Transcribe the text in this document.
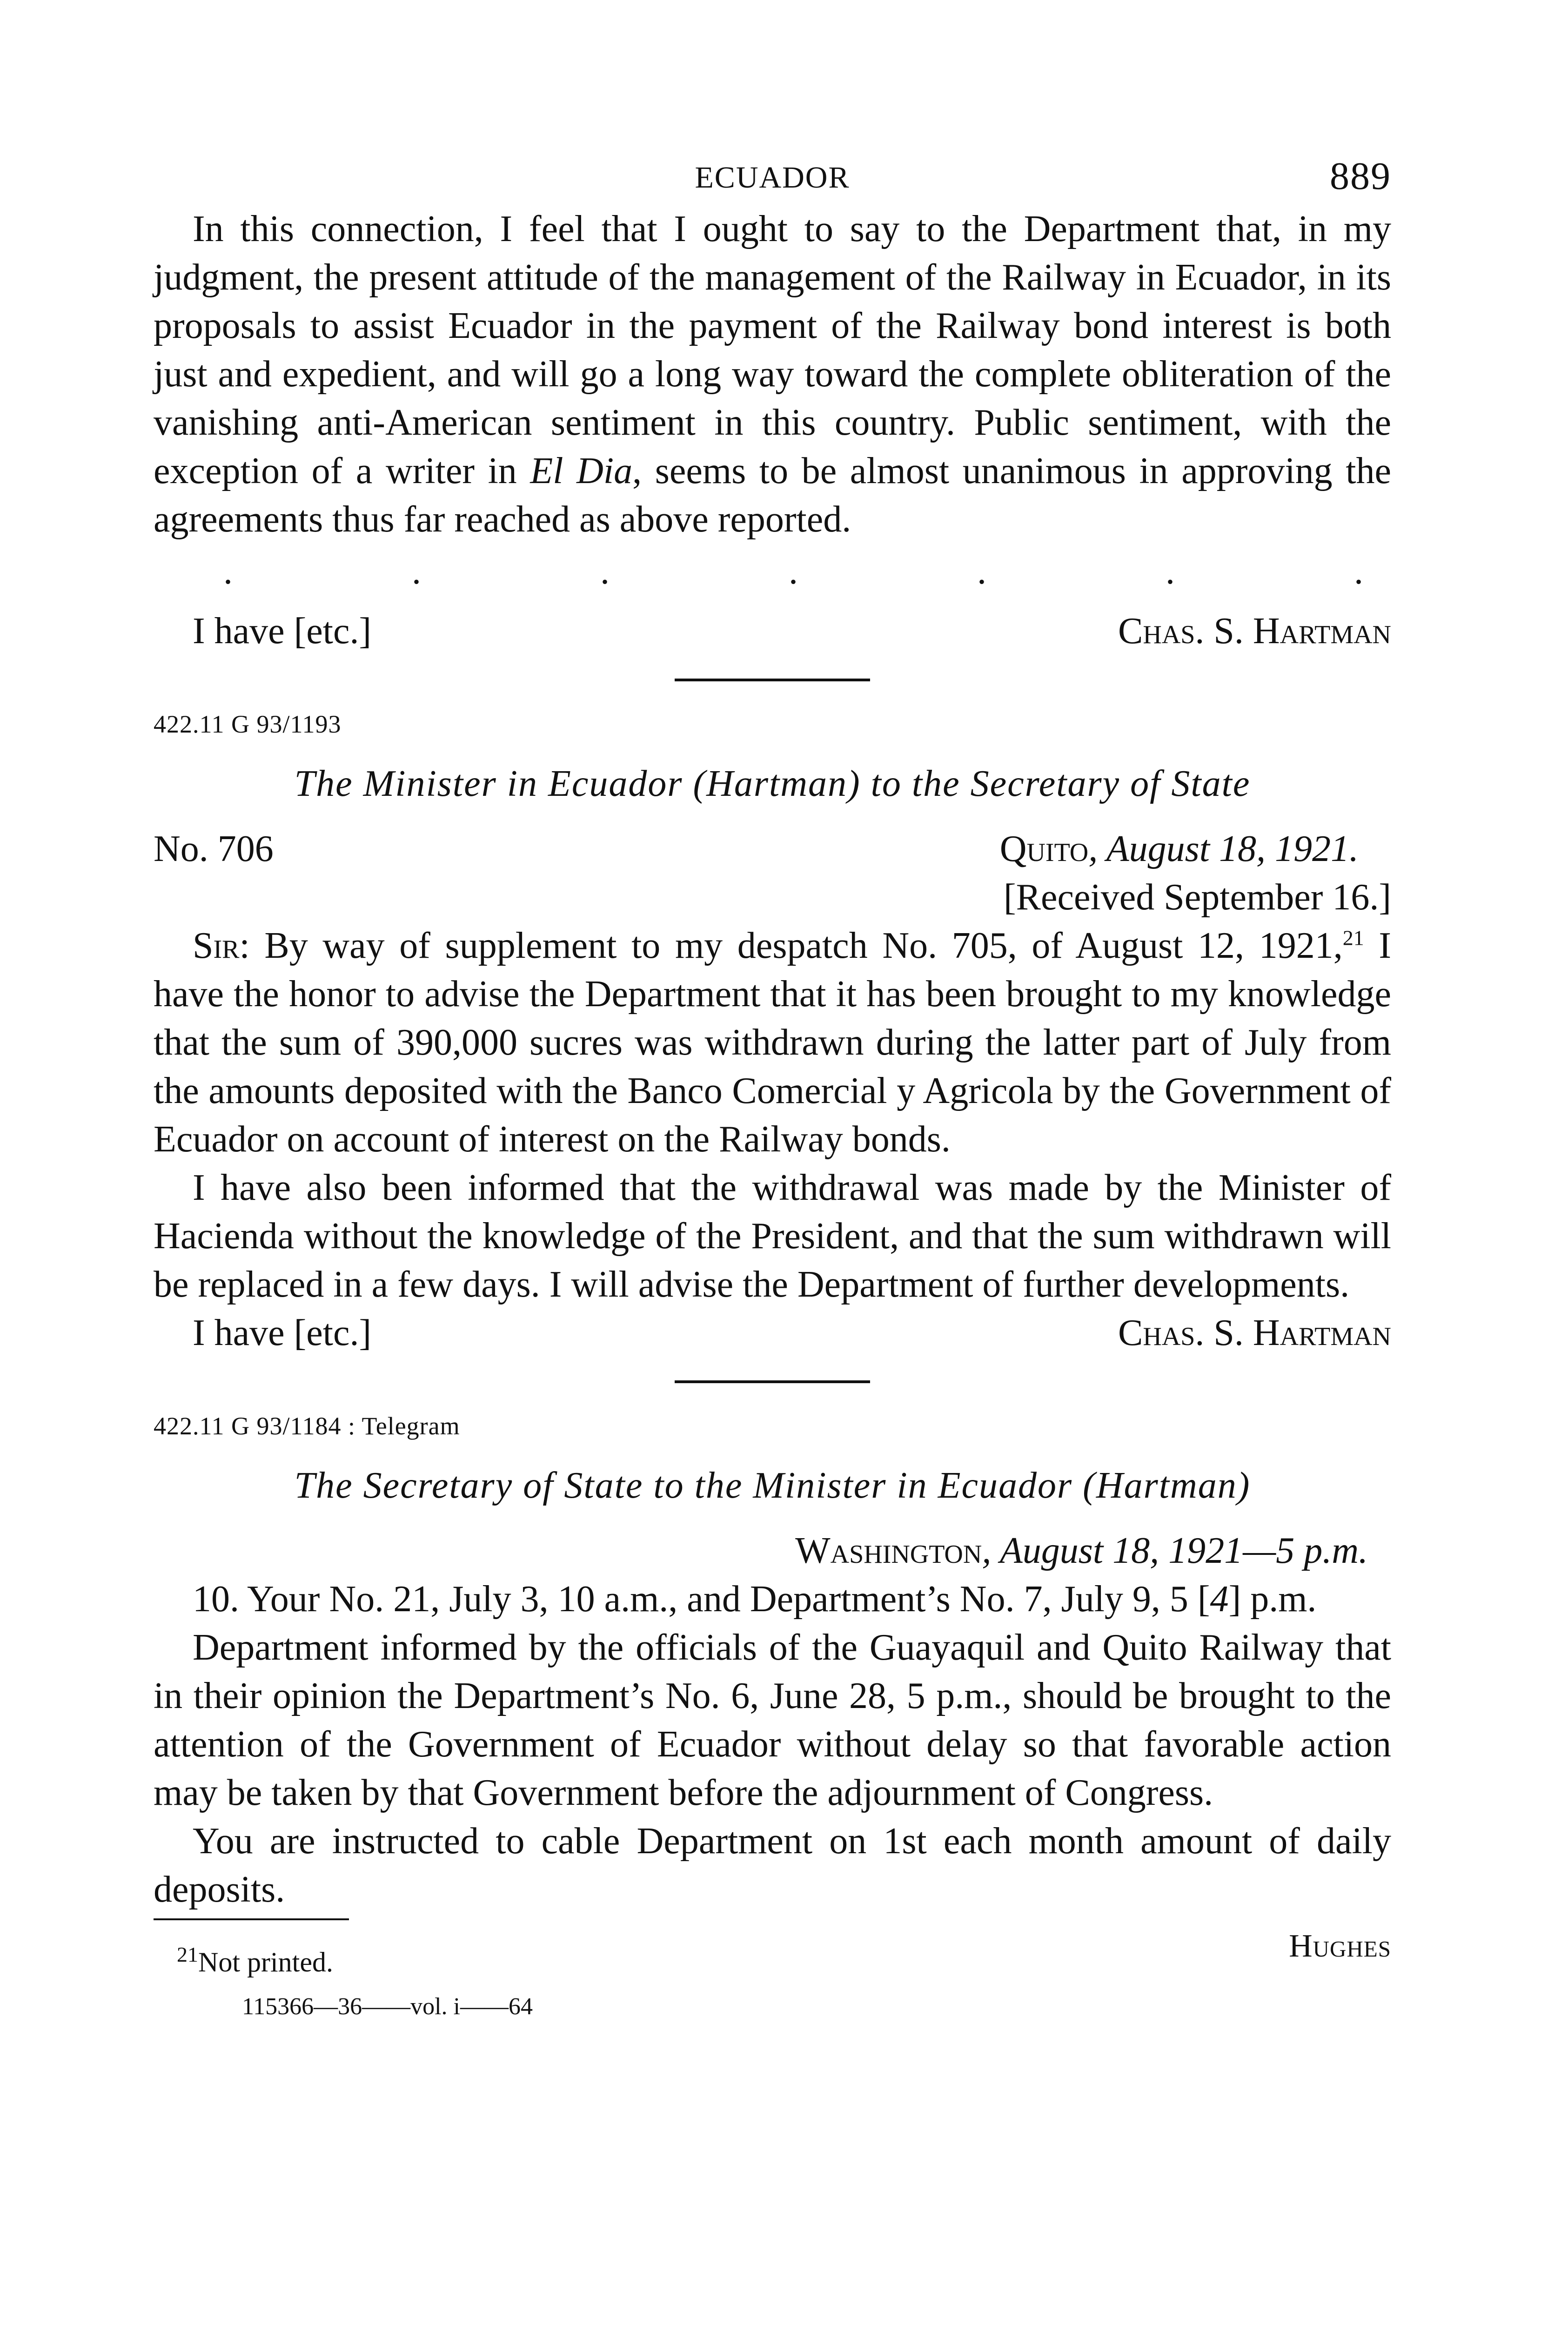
ECUADOR	889

In this connection, I feel that I ought to say to the Department that, in my judgment, the present attitude of the management of the Railway in Ecuador, in its proposals to assist Ecuador in the payment of the Railway bond interest is both just and expedient, and will go a long way toward the complete obliteration of the vanishing anti-American sentiment in this country. Public sentiment, with the exception of a writer in El Dia, seems to be almost unanimous in approving the agreements thus far reached as above reported.

.	.	.	.	.	.	.
I have [etc.]	Chas. S. Hartman
422.11 G 93/1193
The Minister in Ecuador (Hartman) to the Secretary of State
No. 706	Quito, August 18, 1921.
[Received September 16.]

Sir: By way of supplement to my despatch No. 705, of August 12, 1921,21 I have the honor to advise the Department that it has been brought to my knowledge that the sum of 390,000 sucres was withdrawn during the latter part of July from the amounts deposited with the Banco Comercial y Agricola by the Government of Ecuador on account of interest on the Railway bonds.

I have also been informed that the withdrawal was made by the Minister of Hacienda without the knowledge of the President, and that the sum withdrawn will be replaced in a few days. I will advise the Department of further developments.

I have [etc.]	Chas. S. Hartman
422.11 G 93/1184 : Telegram
The Secretary of State to the Minister in Ecuador (Hartman)
Washington, August 18, 1921—5 p.m.

10. Your No. 21, July 3, 10 a.m., and Department’s No. 7, July 9, 5 [4] p.m.

Department informed by the officials of the Guayaquil and Quito Railway that in their opinion the Department’s No. 6, June 28, 5 p.m., should be brought to the attention of the Government of Ecuador without delay so that favorable action may be taken by that Government before the adjournment of Congress.

You are instructed to cable Department on 1st each month amount of daily deposits.

Hughes
$^{21}$Not printed.
115366—36——vol. i——64
